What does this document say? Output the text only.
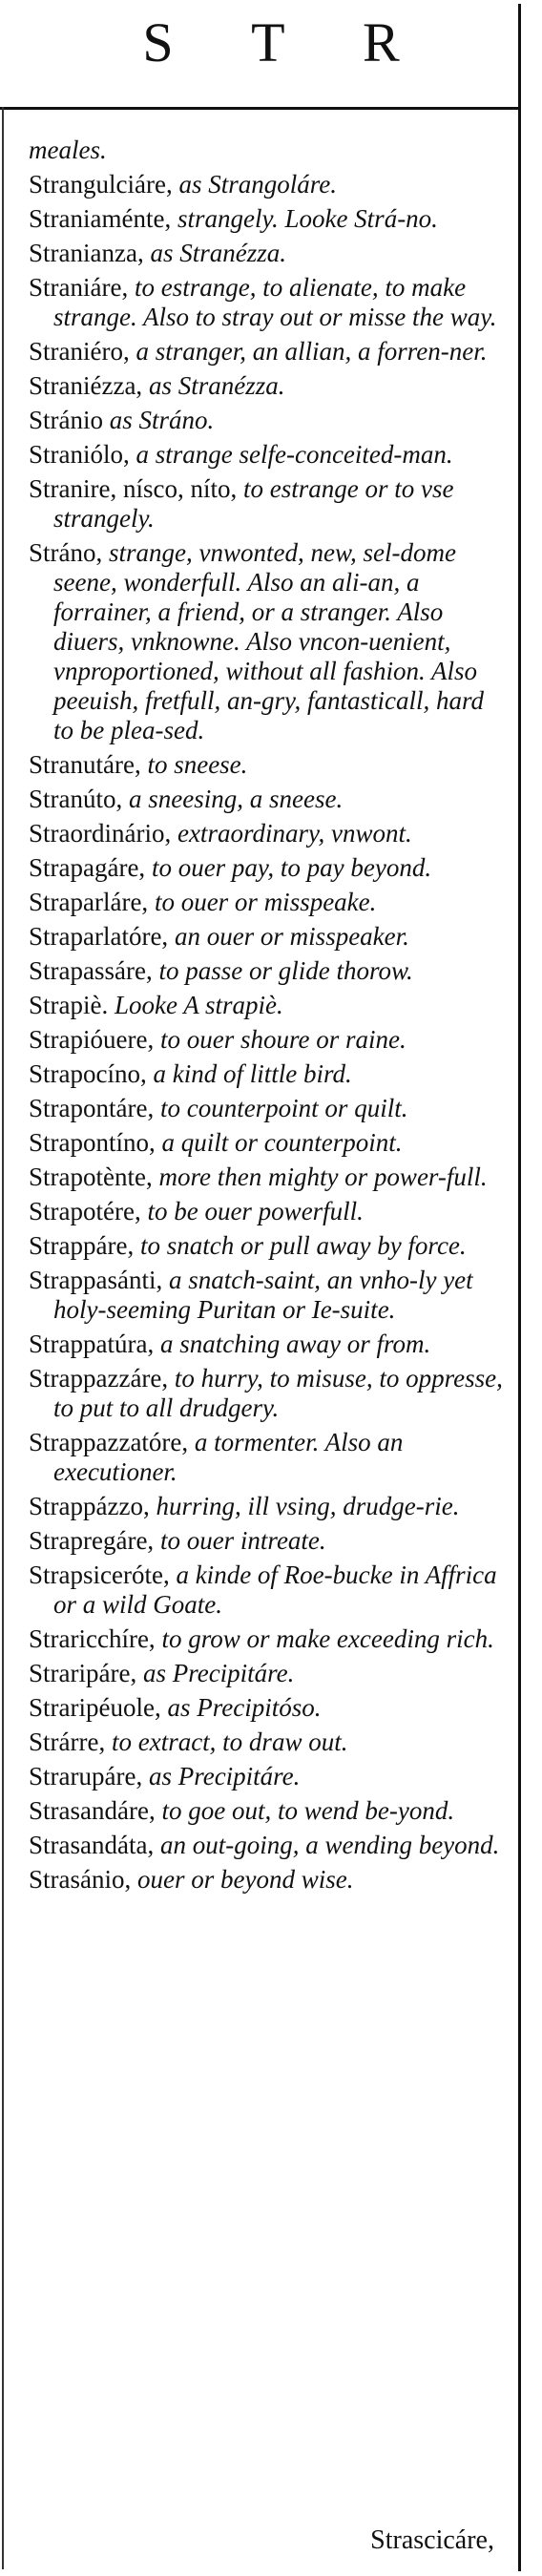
S T R
meales.
Strangulciáre, as Strangoláre.
Straniaménte, strangely. Looke Strá-no.
Stranianza, as Stranézza.
Straniáre, to estrange, to alienate, to make strange. Also to stray out or misse the way.
Straniéro, a stranger, an allian, a forren-ner.
Straniézza, as Stranézza.
Stránio as Stráno.
Straniólo, a strange selfe-conceited-man.
Stranire, nísco, níto, to estrange or to vse strangely.
Stráno, strange, vnwonted, new, sel-dome seene, wonderfull. Also an ali-an, a forrainer, a friend, or a stranger. Also diuers, vnknowne. Also vncon-uenient, vnproportioned, without all fashion. Also peeuish, fretfull, an-gry, fantasticall, hard to be plea-sed.
Stranutáre, to sneese.
Stranúto, a sneesing, a sneese.
Straordinário, extraordinary, vnwont.
Strapagáre, to ouer pay, to pay beyond.
Straparláre, to ouer or misspeake.
Straparlatóre, an ouer or misspeaker.
Strapassáre, to passe or glide thorow.
Strapiè. Looke A strapiè.
Strapióuere, to ouer shoure or raine.
Strapocíno, a kind of little bird.
Strapontáre, to counterpoint or quilt.
Strapontíno, a quilt or counterpoint.
Strapotènte, more then mighty or power-full.
Strapotére, to be ouer powerfull.
Strappáre, to snatch or pull away by force.
Strappasánti, a snatch-saint, an vnho-ly yet holy-seeming Puritan or Ie-suite.
Strappatúra, a snatching away or from.
Strappazzáre, to hurry, to misuse, to oppresse, to put to all drudgery.
Strappazzatóre, a tormenter. Also an executioner.
Strappázzo, hurring, ill vsing, drudge-rie.
Strapregáre, to ouer intreate.
Strapsiceróte, a kinde of Roe-bucke in Affrica or a wild Goate.
Straricchíre, to grow or make exceeding rich.
Straripáre, as Precipitáre.
Straripéuole, as Precipitóso.
Strárre, to extract, to draw out.
Strarupáre, as Precipitáre.
Strasandáre, to goe out, to wend be-yond.
Strasandáta, an out-going, a wending beyond.
Strasánio, ouer or beyond wise.
Strascicáre,
